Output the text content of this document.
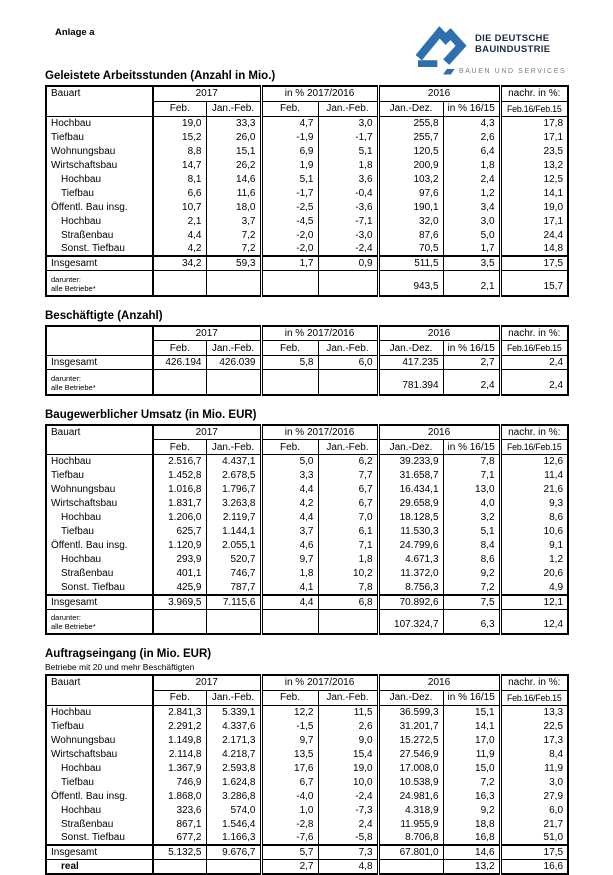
Anlage a
DIE DEUTSCHE
BAUINDUSTRIE
BAUEN UND SERVICES
Geleistete Arbeitsstunden (Anzahl in Mio.)
Bauart	2017		in % 2017/2016		2016		nachr. in %:
	Feb.	Jan.-Feb.	Feb.	Jan.-Feb.	Jan.-Dez.	in % 16/15	Feb.16/Feb.15
Hochbau	19,0	33,3	4,7	3,0	255,8	4,3	17,8
Tiefbau	15,2	26,0	-1,9	-1,7	255,7	2,6	17,1
Wohnungsbau	8,8	15,1	6,9	5,1	120,5	6,4	23,5
Wirtschaftsbau	14,7	26,2	1,9	1,8	200,9	1,8	13,2
Hochbau	8,1	14,6	5,1	3,6	103,2	2,4	12,5
Tiefbau	6,6	11,6	-1,7	-0,4	97,6	1,2	14,1
Öffentl. Bau insg.	10,7	18,0	-2,5	-3,6	190,1	3,4	19,0
Hochbau	2,1	3,7	-4,5	-7,1	32,0	3,0	17,1
Straßenbau	4,4	7,2	-2,0	-3,0	87,6	5,0	24,4
Sonst. Tiefbau	4,2	7,2	-2,0	-2,4	70,5	1,7	14,8
Insgesamt	34,2	59,3	1,7	0,9	511,5	3,5	17,5

darunter:
alle Betriebe*					943,5	2,1	15,7
Beschäftigte (Anzahl)
	2017		in % 2017/2016		2016		nachr. in %:
	Feb.	Jan.-Feb.	Feb.	Jan.-Feb.	Jan.-Dez.	in % 16/15	Feb.16/Feb.15
Insgesamt	426.194	426.039	5,8	6,0	417.235	2,7	2,4

darunter:
alle Betriebe*					781.394	2,4	2,4
Baugewerblicher Umsatz (in Mio. EUR)
Bauart	2017		in % 2017/2016		2016		nachr. in %:
	Feb.	Jan.-Feb.	Feb.	Jan.-Feb.	Jan.-Dez.	in % 16/15	Feb.16/Feb.15
Hochbau	2.516,7	4.437,1	5,0	6,2	39.233,9	7,8	12,6
Tiefbau	1.452,8	2.678,5	3,3	7,7	31.658,7	7,1	11,4
Wohnungsbau	1.016,8	1.796,7	4,4	6,7	16.434,1	13,0	21,6
Wirtschaftsbau	1.831,7	3.263,8	4,2	6,7	29.658,9	4,0	9,3
Hochbau	1.206,0	2.119,7	4,4	7,0	18.128,5	3,2	8,6
Tiefbau	625,7	1.144,1	3,7	6,1	11.530,3	5,1	10,6
Öffentl. Bau insg.	1.120,9	2.055,1	4,6	7,1	24.799,6	8,4	9,1
Hochbau	293,9	520,7	9,7	1,8	4.671,3	8,6	1,2
Straßenbau	401,1	746,7	1,8	10,2	11.372,0	9,2	20,6
Sonst. Tiefbau	425,9	787,7	4,1	7,8	8.756,3	7,2	4,9
Insgesamt	3.969,5	7.115,6	4,4	6,8	70.892,6	7,5	12,1

darunter:
alle Betriebe*					107.324,7	6,3	12,4
Auftragseingang (in Mio. EUR)
Betriebe mit 20 und mehr Beschäftigten
Bauart	2017		in % 2017/2016		2016		nachr. in %:
	Feb.	Jan.-Feb.	Feb.	Jan.-Feb.	Jan.-Dez.	in % 16/15	Feb.16/Feb.15
Hochbau	2.841,3	5.339,1	12,2	11,5	36.599,3	15,1	13,3
Tiefbau	2.291,2	4.337,6	-1,5	2,6	31.201,7	14,1	22,5
Wohnungsbau	1.149,8	2.171,3	9,7	9,0	15.272,5	17,0	17,3
Wirtschaftsbau	2.114,8	4.218,7	13,5	15,4	27.546,9	11,9	8,4
Hochbau	1.367,9	2.593,8	17,6	19,0	17.008,0	15,0	11,9
Tiefbau	746,9	1.624,8	6,7	10,0	10.538,9	7,2	3,0
Öffentl. Bau insg.	1.868,0	3.286,8	-4,0	-2,4	24.981,6	16,3	27,9
Hochbau	323,6	574,0	1,0	-7,3	4.318,9	9,2	6,0
Straßenbau	867,1	1.546,4	-2,8	2,4	11.955,9	18,8	21,7
Sonst. Tiefbau	677,2	1.166,3	-7,6	-5,8	8.706,8	16,8	51,0
Insgesamt	5.132,5	9.676,7	5,7	7,3	67.801,0	14,6	17,5
real			2,7	4,8		13,2	16,6
